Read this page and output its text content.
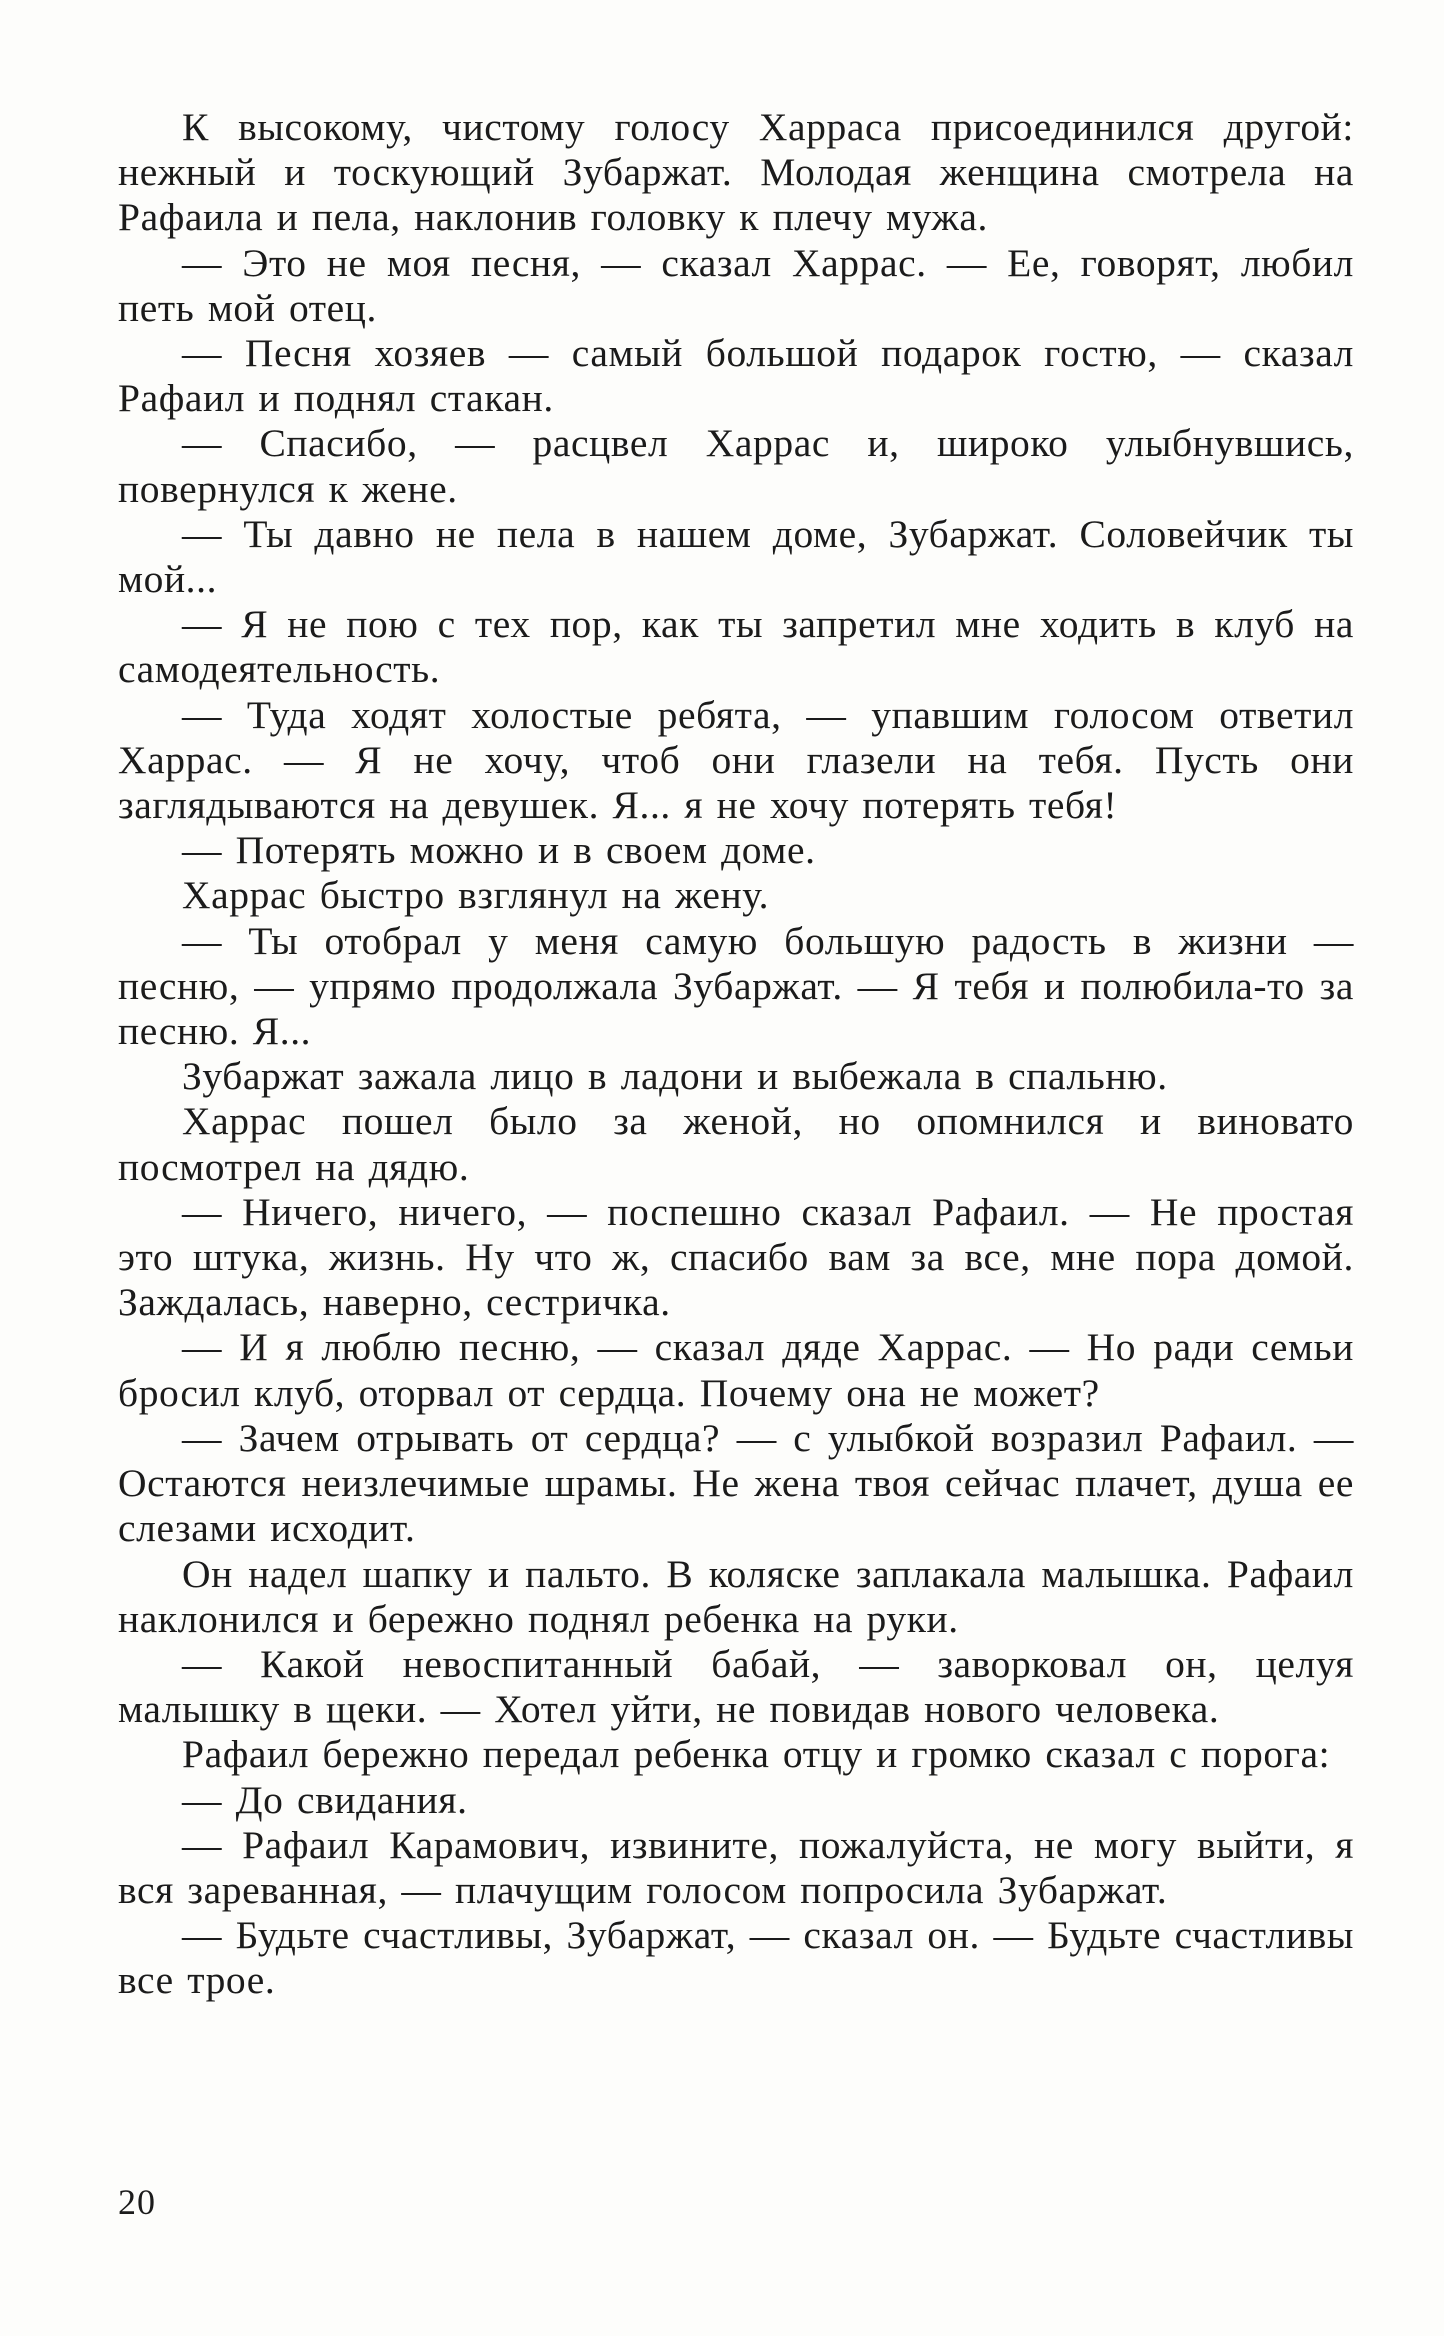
К высокому, чистому голосу Харраса присоединился другой: нежный и тоскующий Зубаржат. Молодая женщина смотрела на Рафаила и пела, наклонив головку к плечу мужа.

— Это не моя песня, — сказал Харрас. — Ее, говорят, любил петь мой отец.

— Песня хозяев — самый большой подарок гостю, — сказал Рафаил и поднял стакан.

— Спасибо, — расцвел Харрас и, широко улыбнувшись, повернулся к жене.

— Ты давно не пела в нашем доме, Зубаржат. Соловейчик ты мой...

— Я не пою с тех пор, как ты запретил мне ходить в клуб на самодеятельность.

— Туда ходят холостые ребята, — упавшим голосом ответил Харрас. — Я не хочу, чтоб они глазели на тебя. Пусть они заглядываются на девушек. Я... я не хочу потерять тебя!

— Потерять можно и в своем доме.

Харрас быстро взглянул на жену.

— Ты отобрал у меня самую большую радость в жизни — песню, — упрямо продолжала Зубаржат. — Я тебя и полюбила-то за песню. Я...

Зубаржат зажала лицо в ладони и выбежала в спальню.

Харрас пошел было за женой, но опомнился и виновато посмотрел на дядю.

— Ничего, ничего, — поспешно сказал Рафаил. — Не простая это штука, жизнь. Ну что ж, спасибо вам за все, мне пора домой. Заждалась, наверно, сестричка.

— И я люблю песню, — сказал дяде Харрас. — Но ради семьи бросил клуб, оторвал от сердца. Почему она не может?

— Зачем отрывать от сердца? — с улыбкой возразил Рафаил. — Остаются неизлечимые шрамы. Не жена твоя сейчас плачет, душа ее слезами исходит.

Он надел шапку и пальто. В коляске заплакала малышка. Рафаил наклонился и бережно поднял ребенка на руки.

— Какой невоспитанный бабай, — заворковал он, целуя малышку в щеки. — Хотел уйти, не повидав нового человека.

Рафаил бережно передал ребенка отцу и громко сказал с порога:

— До свидания.

— Рафаил Карамович, извините, пожалуйста, не могу выйти, я вся зареванная, — плачущим голосом попросила Зубаржат.

— Будьте счастливы, Зубаржат, — сказал он. — Будьте счастливы все трое.

20
